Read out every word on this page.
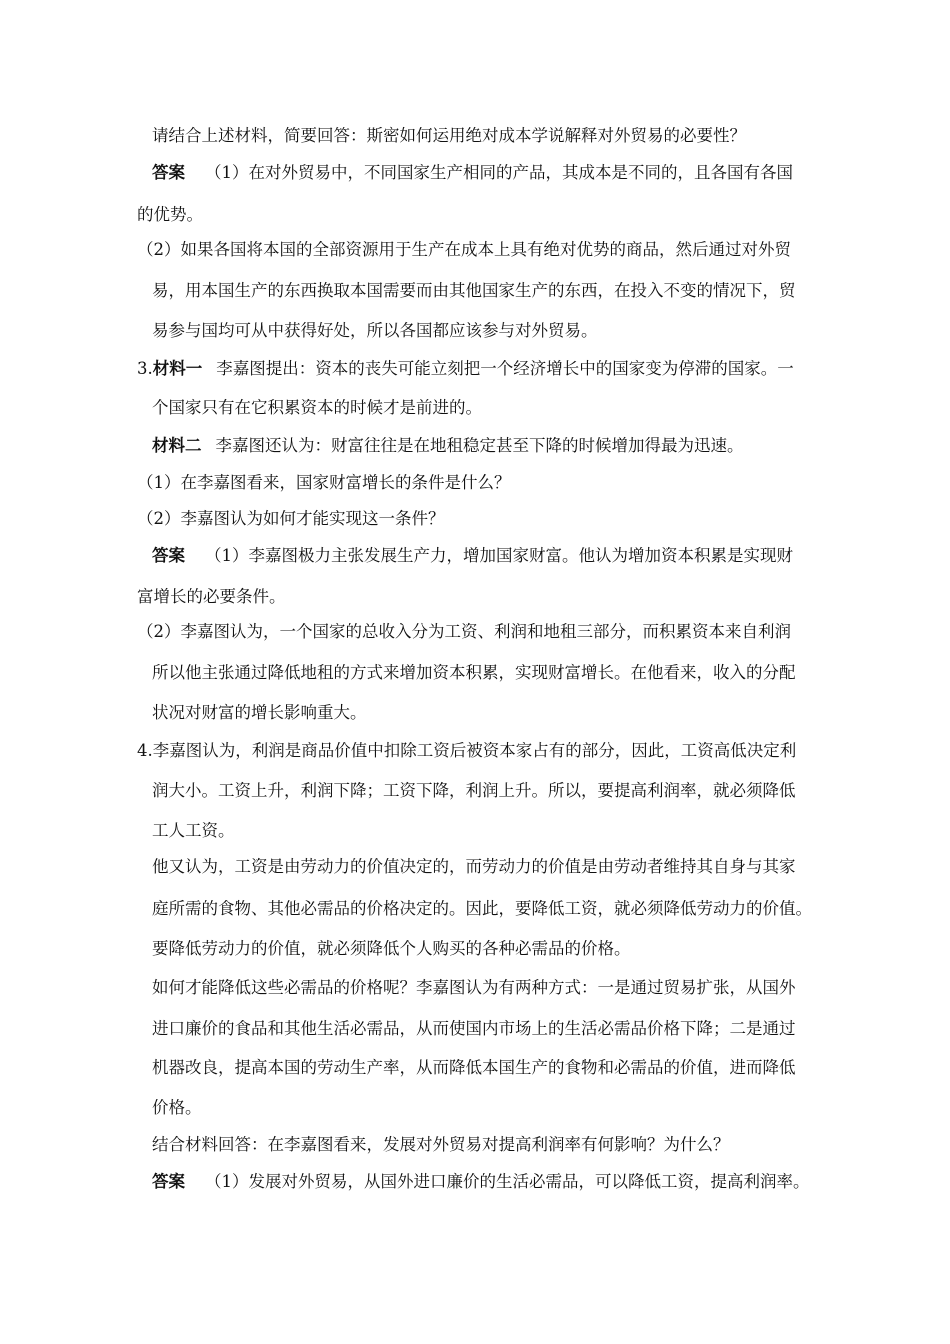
请结合上述材料，简要回答：斯密如何运用绝对成本学说解释对外贸易的必要性？
答案 （1）在对外贸易中，不同国家生产相同的产品，其成本是不同的，且各国有各国
的优势。
（2）如果各国将本国的全部资源用于生产在成本上具有绝对优势的商品，然后通过对外贸
易，用本国生产的东西换取本国需要而由其他国家生产的东西，在投入不变的情况下，贸
易参与国均可从中获得好处，所以各国都应该参与对外贸易。
3.材料一 李嘉图提出：资本的丧失可能立刻把一个经济增长中的国家变为停滞的国家。一
个国家只有在它积累资本的时候才是前进的。
材料二 李嘉图还认为：财富往往是在地租稳定甚至下降的时候增加得最为迅速。
（1）在李嘉图看来，国家财富增长的条件是什么？
（2）李嘉图认为如何才能实现这一条件？
答案 （1）李嘉图极力主张发展生产力，增加国家财富。他认为增加资本积累是实现财
富增长的必要条件。
（2）李嘉图认为，一个国家的总收入分为工资、利润和地租三部分，而积累资本来自利润
所以他主张通过降低地租的方式来增加资本积累，实现财富增长。在他看来，收入的分配
状况对财富的增长影响重大。
4.李嘉图认为，利润是商品价值中扣除工资后被资本家占有的部分，因此，工资高低决定利
润大小。工资上升，利润下降；工资下降，利润上升。所以，要提高利润率，就必须降低
工人工资。
他又认为，工资是由劳动力的价值决定的，而劳动力的价值是由劳动者维持其自身与其家
庭所需的食物、其他必需品的价格决定的。因此，要降低工资，就必须降低劳动力的价值。
要降低劳动力的价值，就必须降低个人购买的各种必需品的价格。
如何才能降低这些必需品的价格呢？李嘉图认为有两种方式：一是通过贸易扩张，从国外
进口廉价的食品和其他生活必需品，从而使国内市场上的生活必需品价格下降；二是通过
机器改良，提高本国的劳动生产率，从而降低本国生产的食物和必需品的价值，进而降低
价格。
结合材料回答：在李嘉图看来，发展对外贸易对提高利润率有何影响？为什么？
答案 （1）发展对外贸易，从国外进口廉价的生活必需品，可以降低工资，提高利润率。
